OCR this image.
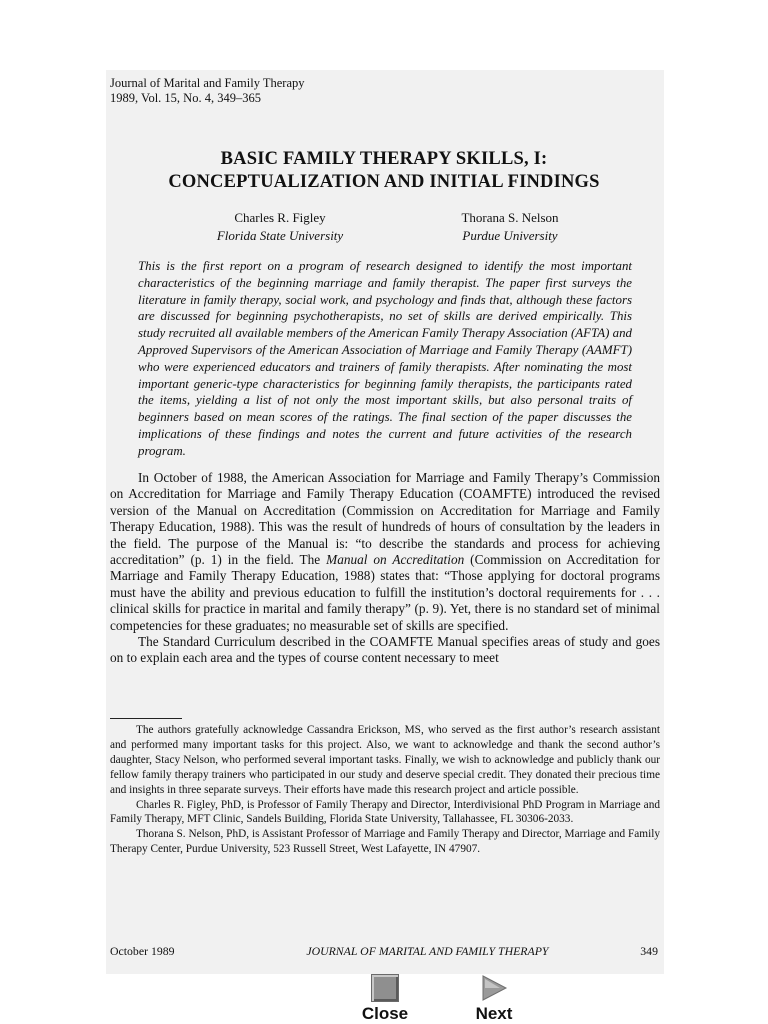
Journal of Marital and Family Therapy
1989, Vol. 15, No. 4, 349–365
BASIC FAMILY THERAPY SKILLS, I:
CONCEPTUALIZATION AND INITIAL FINDINGS
Charles R. Figley
Florida State University
Thorana S. Nelson
Purdue University

This is the first report on a program of research designed to identify the most important characteristics of the beginning marriage and family therapist. The paper first surveys the literature in family therapy, social work, and psychology and finds that, although these factors are discussed for beginning psychotherapists, no set of skills are derived empirically. This study recruited all available members of the American Family Therapy Association (AFTA) and Approved Supervisors of the American Association of Marriage and Family Therapy (AAMFT) who were experienced educators and trainers of family therapists. After nominating the most important generic-type characteristics for beginning family therapists, the participants rated the items, yielding a list of not only the most important skills, but also personal traits of beginners based on mean scores of the ratings. The final section of the paper discusses the implications of these findings and notes the current and future activities of the research program.

In October of 1988, the American Association for Marriage and Family Therapy’s Commission on Accreditation for Marriage and Family Therapy Education (COAMFTE) introduced the revised version of the Manual on Accreditation (Commission on Accreditation for Marriage and Family Therapy Education, 1988). This was the result of hundreds of hours of consultation by the leaders in the field. The purpose of the Manual is: “to describe the standards and process for achieving accreditation” (p. 1) in the field. The Manual on Accreditation (Commission on Accreditation for Marriage and Family Therapy Education, 1988) states that: “Those applying for doctoral programs must have the ability and previous education to fulfill the institution’s doctoral requirements for . . . clinical skills for practice in marital and family therapy” (p. 9). Yet, there is no standard set of minimal competencies for these graduates; no measurable set of skills are specified.

The Standard Curriculum described in the COAMFTE Manual specifies areas of study and goes on to explain each area and the types of course content necessary to meet

The authors gratefully acknowledge Cassandra Erickson, MS, who served as the first author’s research assistant and performed many important tasks for this project. Also, we want to acknowledge and thank the second author’s daughter, Stacy Nelson, who performed several important tasks. Finally, we wish to acknowledge and publicly thank our fellow family therapy trainers who participated in our study and deserve special credit. They donated their precious time and insights in three separate surveys. Their efforts have made this research project and article possible.

Charles R. Figley, PhD, is Professor of Family Therapy and Director, Interdivisional PhD Program in Marriage and Family Therapy, MFT Clinic, Sandels Building, Florida State University, Tallahassee, FL 30306-2033.

Thorana S. Nelson, PhD, is Assistant Professor of Marriage and Family Therapy and Director, Marriage and Family Therapy Center, Purdue University, 523 Russell Street, West Lafayette, IN 47907.

October 1989	JOURNAL OF MARITAL AND FAMILY THERAPY	349
Close	Next
